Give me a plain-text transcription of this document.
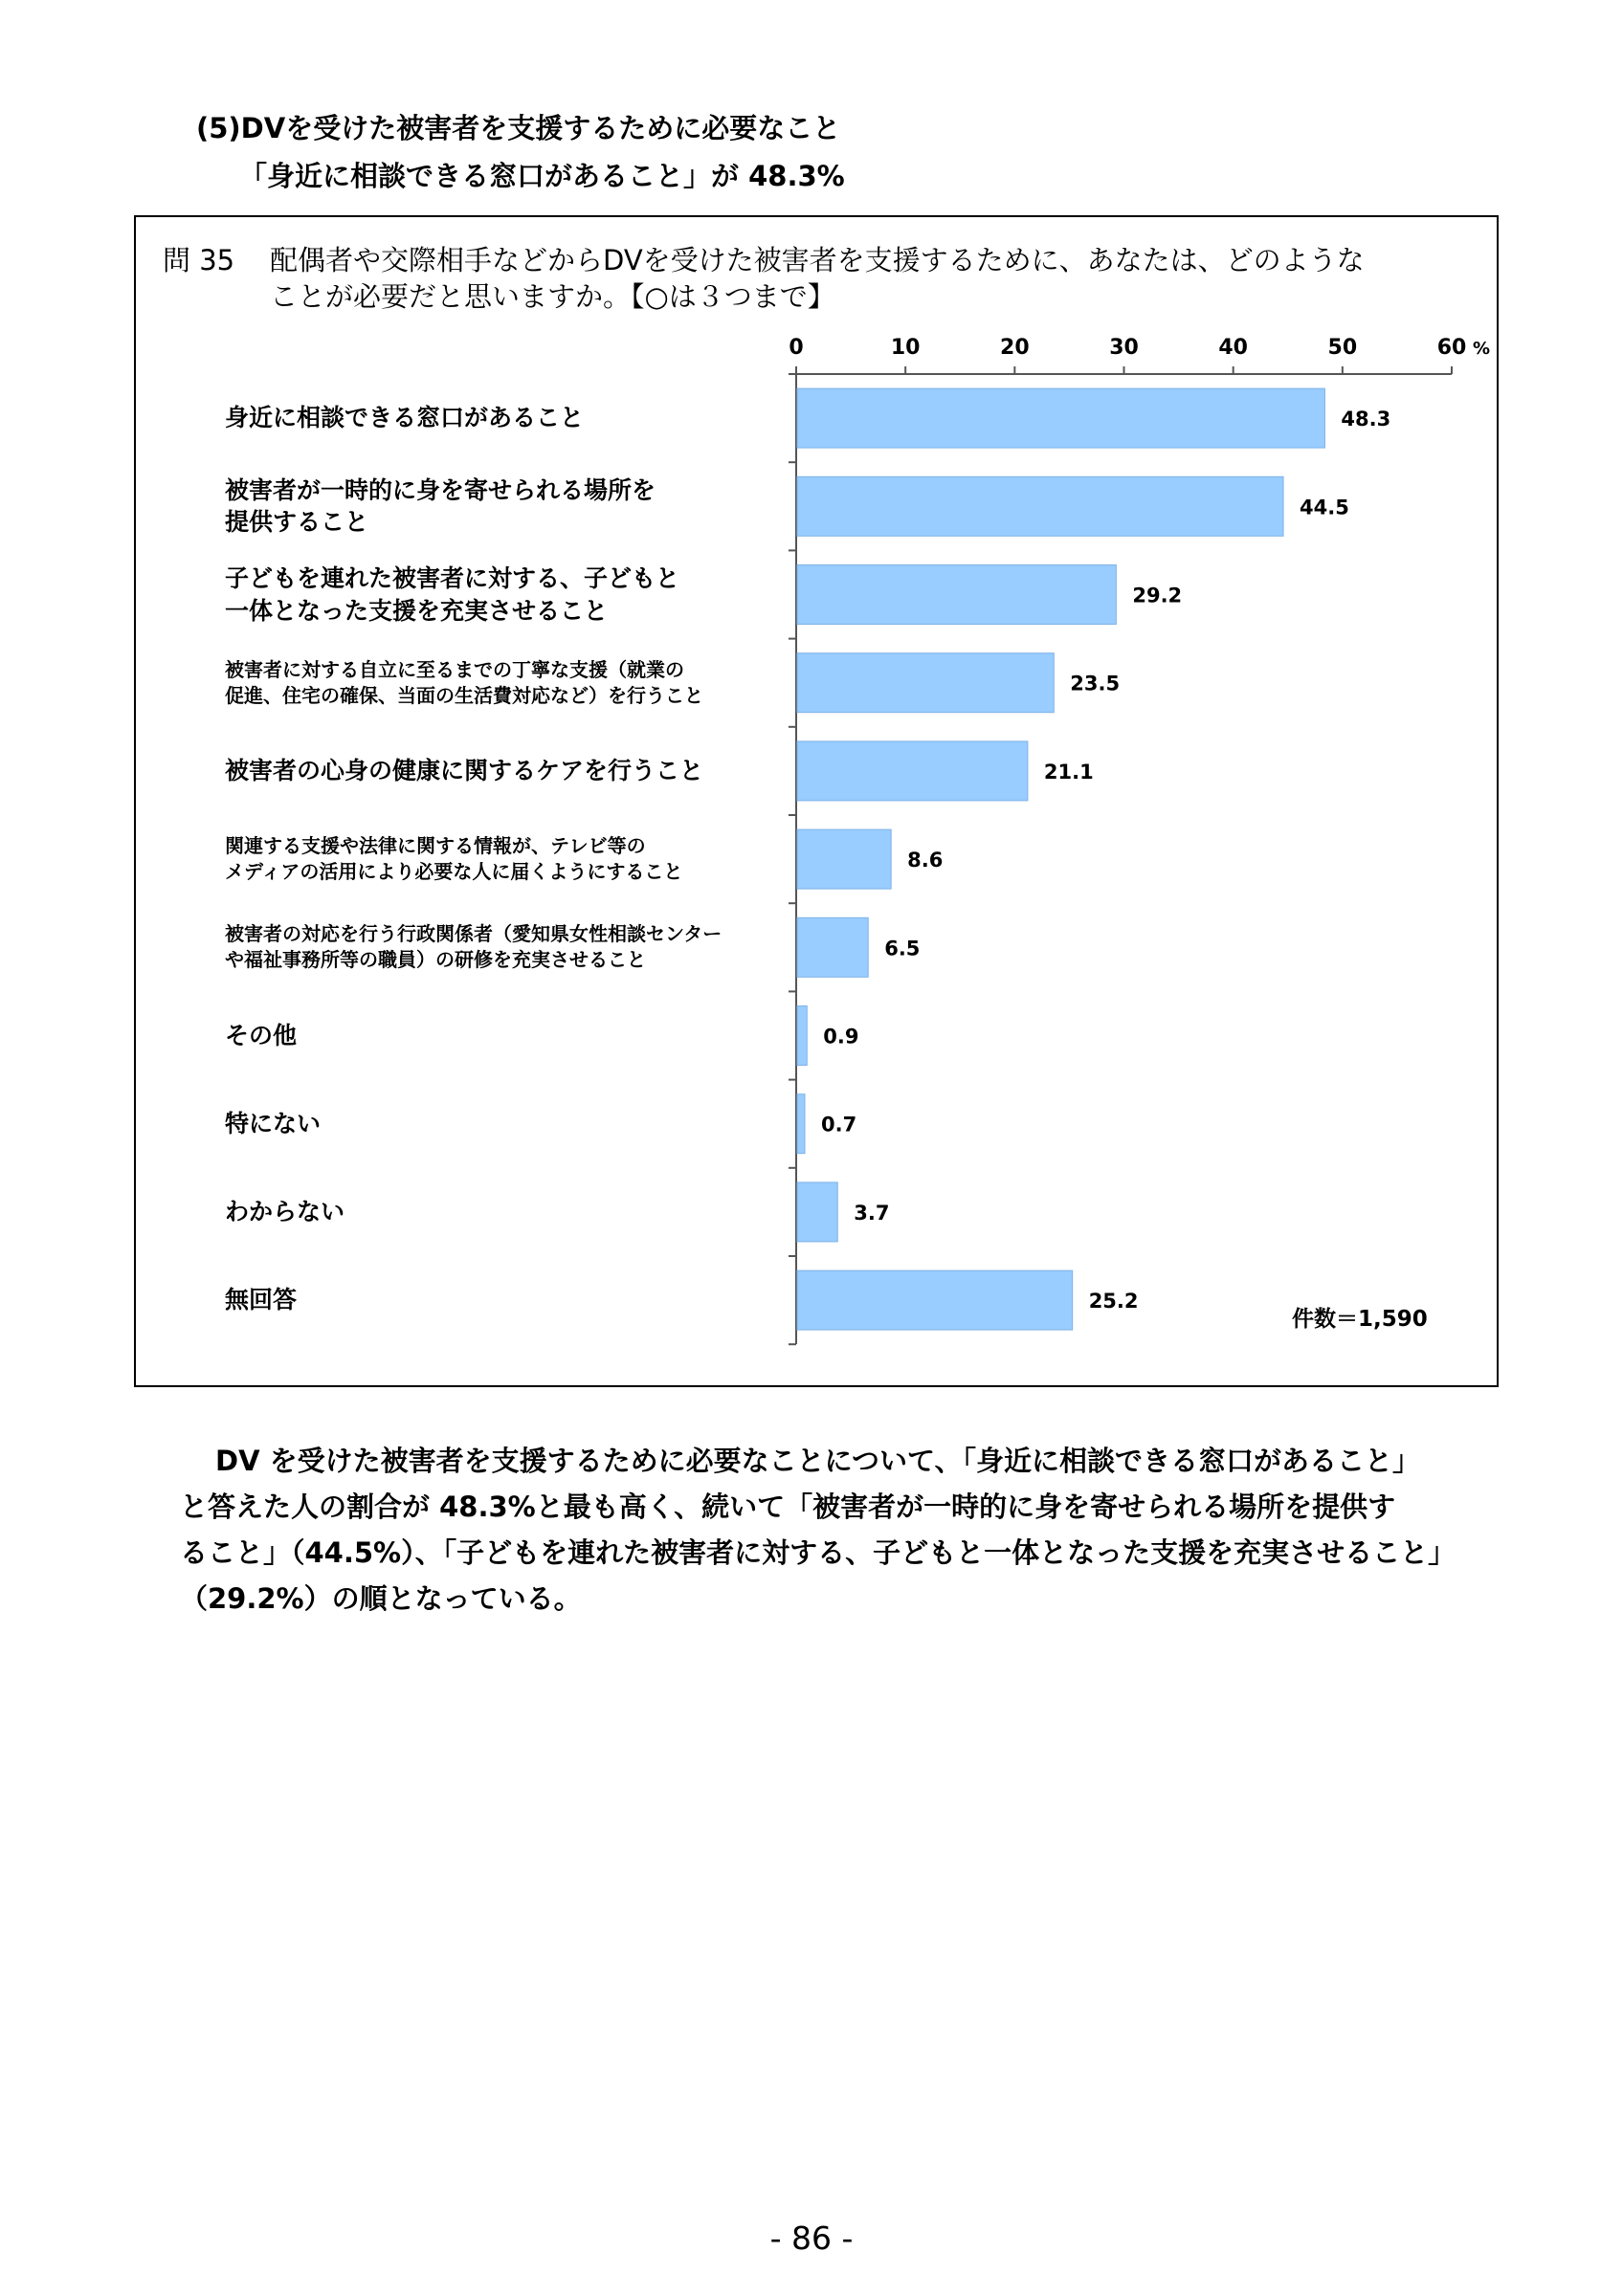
(5)DVを受けた被害者を支援するために必要なこと
「身近に相談できる窓口があること」が 48.3%
問 35 配偶者や交際相手などからDVを受けた被害者を支援するために、あなたは、どのような
ことが必要だと思いますか。【○は３つまで】
身近に相談できる窓口があること
被害者が一時的に身を寄せられる場所を
提供すること
子どもを連れた被害者に対する、子どもと
一体となった支援を充実させること
被害者に対する自立に至るまでの丁寧な支援（就業の
促進、住宅の確保、当面の生活費対応など）を行うこと
被害者の心身の健康に関するケアを行うこと
関連する支援や法律に関する情報が、テレビ等の
メディアの活用により必要な人に届くようにすること
被害者の対応を行う行政関係者（愛知県女性相談センター
や福祉事務所等の職員）の研修を充実させること
その他
特にない
わからない
無回答
0	10	20	30	40	50	60 %
48.3
44.5
29.2
23.5
21.1
8.6
6.5
0.9
0.7
3.7
25.2
件数＝1,590
DV を受けた被害者を支援するために必要なことについて、「身近に相談できる窓口があること」
と答えた人の割合が 48.3%と最も高く、続いて「被害者が一時的に身を寄せられる場所を提供す
ること」（44.5%）、「子どもを連れた被害者に対する、子どもと一体となった支援を充実させること」
（29.2%）の順となっている。
- 86 -
